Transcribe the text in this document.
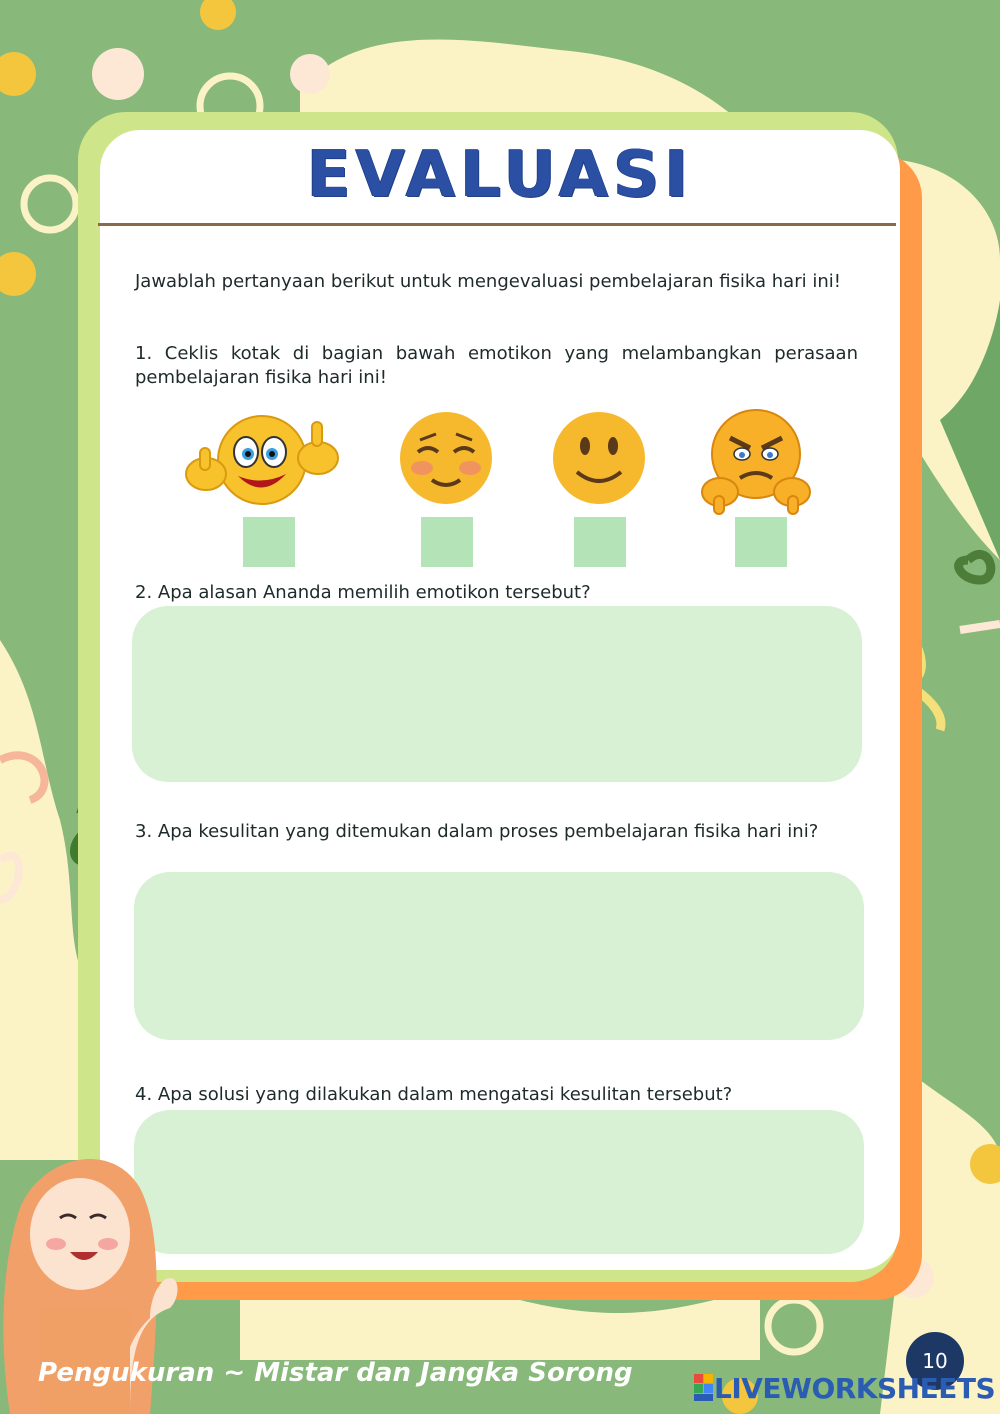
EVALUASI

Jawablah pertanyaan berikut untuk mengevaluasi pembelajaran fisika hari ini!

1. Ceklis kotak di bagian bawah emotikon yang melambangkan perasaan pembelajaran fisika hari ini!

2. Apa alasan Ananda memilih emotikon tersebut?

3. Apa kesulitan yang ditemukan dalam proses pembelajaran fisika hari ini?

4. Apa solusi yang dilakukan dalam mengatasi kesulitan tersebut?

Pengukuran ~ Mistar dan Jangka Sorong	10
LIVEWORKSHEETS
